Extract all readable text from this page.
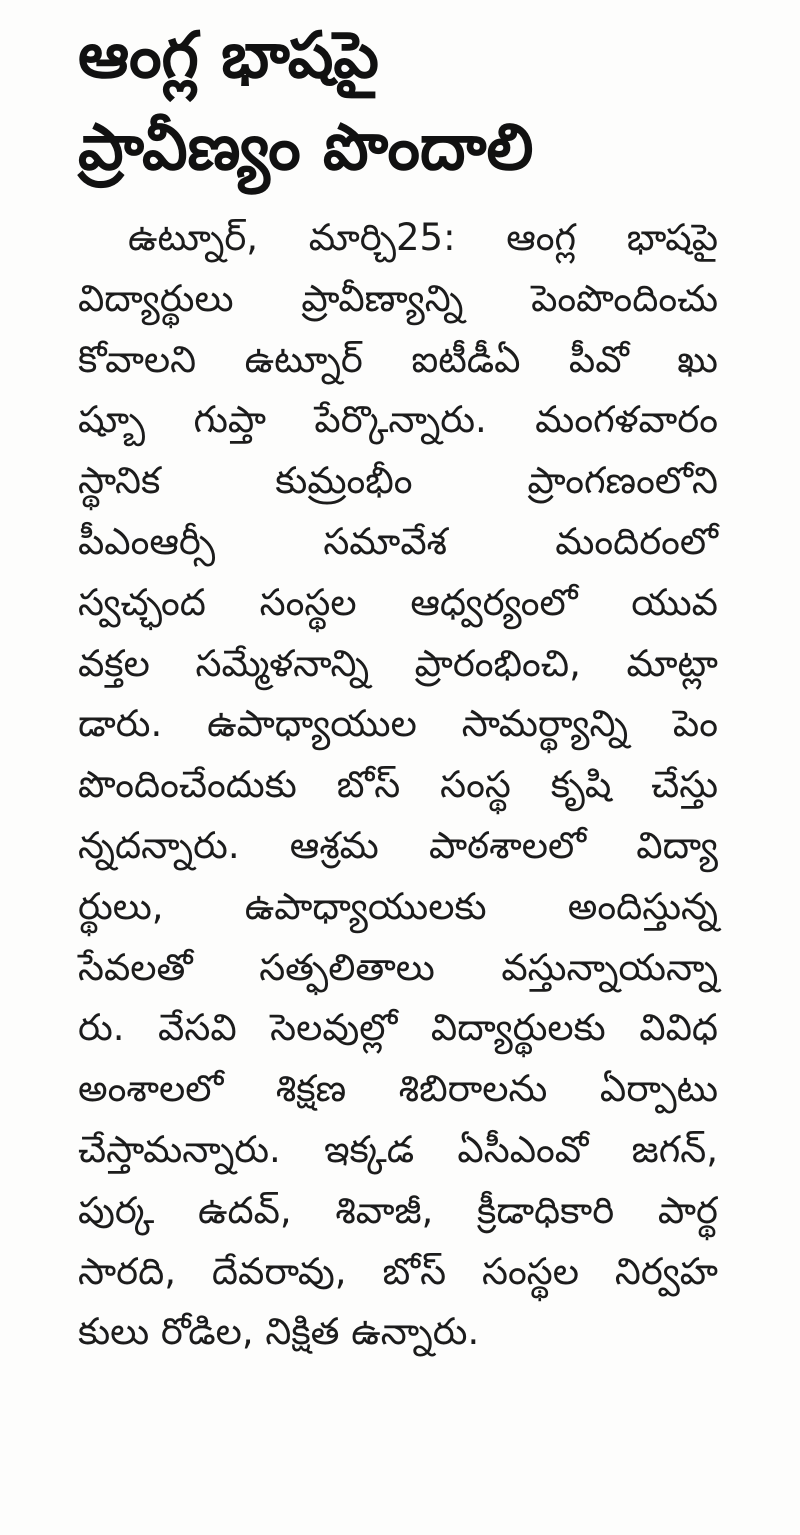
ఆంగ్ల భాషపై
ప్రావీణ్యం పొందాలి
ఉట్నూర్, మార్చి25: ఆంగ్ల భాషపై
విద్యార్థులు ప్రావీణ్యాన్ని పెంపొందించు
కోవాలని ఉట్నూర్ ఐటీడీఏ పీవో ఖు
ష్బూ గుప్తా పేర్కొన్నారు. మంగళవారం
స్థానిక కుమ్రంభీం ప్రాంగణంలోని
పీఎంఆర్సీ సమావేశ మందిరంలో
స్వచ్ఛంద సంస్థల ఆధ్వర్యంలో యువ
వక్తల సమ్మేళనాన్ని ప్రారంభించి, మాట్లా
డారు. ఉపాధ్యాయుల సామర్థ్యాన్ని పెం
పొందించేందుకు బోస్ సంస్థ కృషి చేస్తు
న్నదన్నారు. ఆశ్రమ పాఠశాలలో విద్యా
ర్థులు, ఉపాధ్యాయులకు అందిస్తున్న
సేవలతో సత్ఫలితాలు వస్తున్నాయన్నా
రు. వేసవి సెలవుల్లో విద్యార్థులకు వివిధ
అంశాలలో శిక్షణ శిబిరాలను ఏర్పాటు
చేస్తామన్నారు. ఇక్కడ ఏసీఎంవో జగన్,
పుర్క ఉదవ్, శివాజీ, క్రీడాధికారి పార్థ
సారది, దేవరావు, బోస్ సంస్థల నిర్వహ
కులు రోడిల, నిక్షిత ఉన్నారు.
